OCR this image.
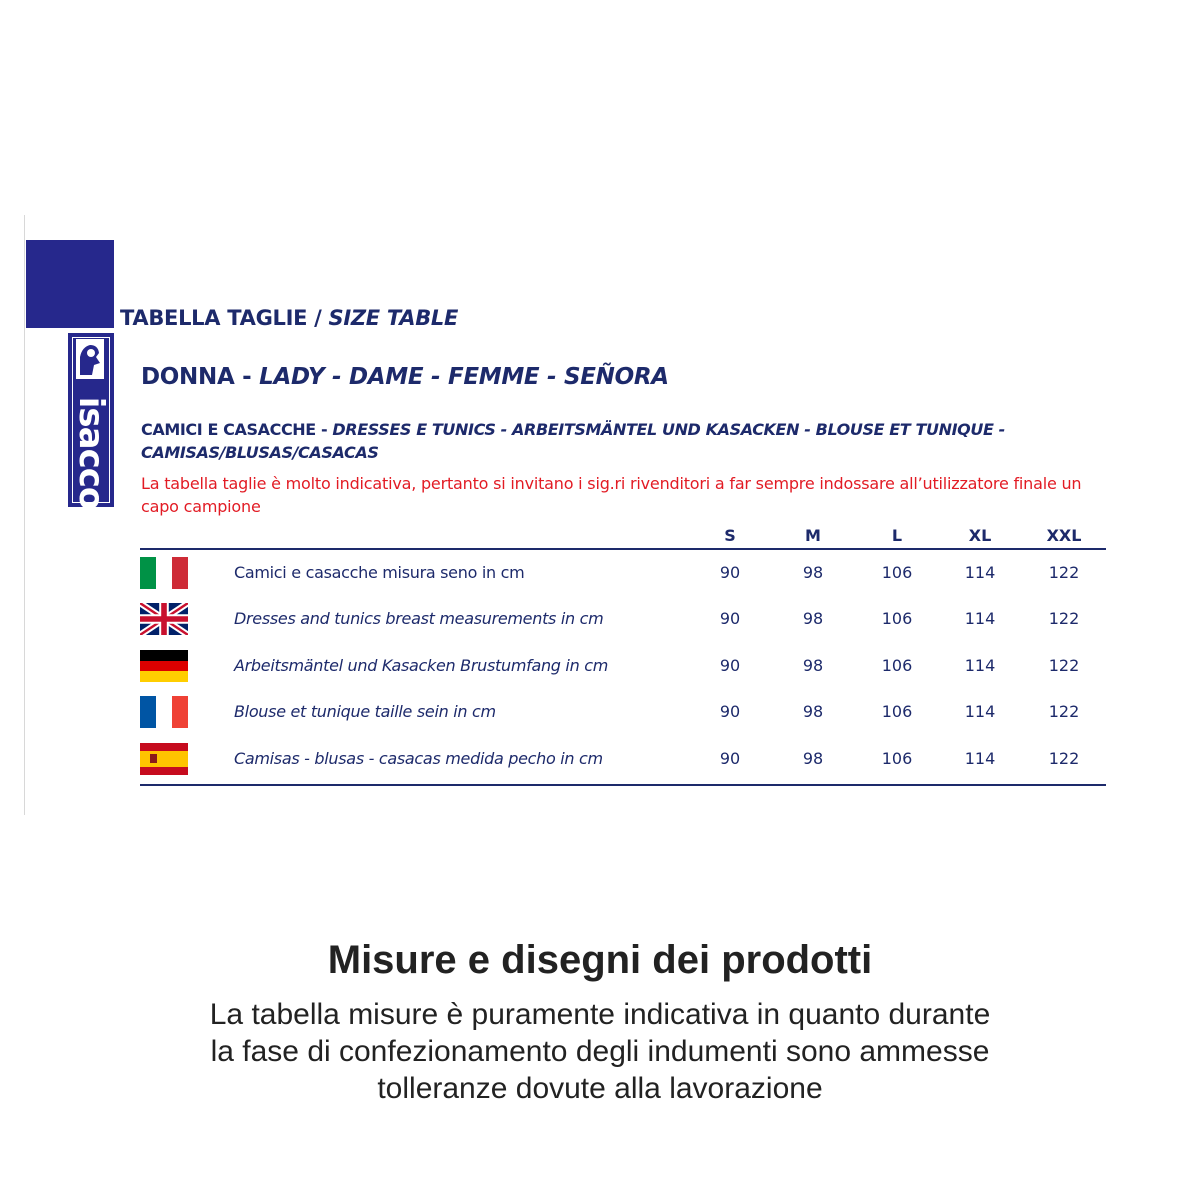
isacco
TABELLA TAGLIE / SIZE TABLE
DONNA - LADY - DAME - FEMME - SEÑORA
CAMICI E CASACCHE - DRESSES E TUNICS - ARBEITSMÄNTEL UND KASACKEN - BLOUSE ET TUNIQUE -
CAMISAS/BLUSAS/CASACAS
La tabella taglie è molto indicativa, pertanto si invitano i sig.ri rivenditori a far sempre indossare all’utilizzatore finale un capo campione
S	M	L	XL	XXL
Camici e casacche misura seno in cm	90	98	106	114	122
Dresses and tunics breast measurements in cm	90	98	106	114	122
Arbeitsmäntel und Kasacken Brustumfang in cm	90	98	106	114	122
Blouse et tunique taille sein in cm	90	98	106	114	122
Camisas - blusas - casacas medida pecho in cm	90	98	106	114	122
Misure e disegni dei prodotti
La tabella misure è puramente indicativa in quanto durante
la fase di confezionamento degli indumenti sono ammesse
tolleranze dovute alla lavorazione
